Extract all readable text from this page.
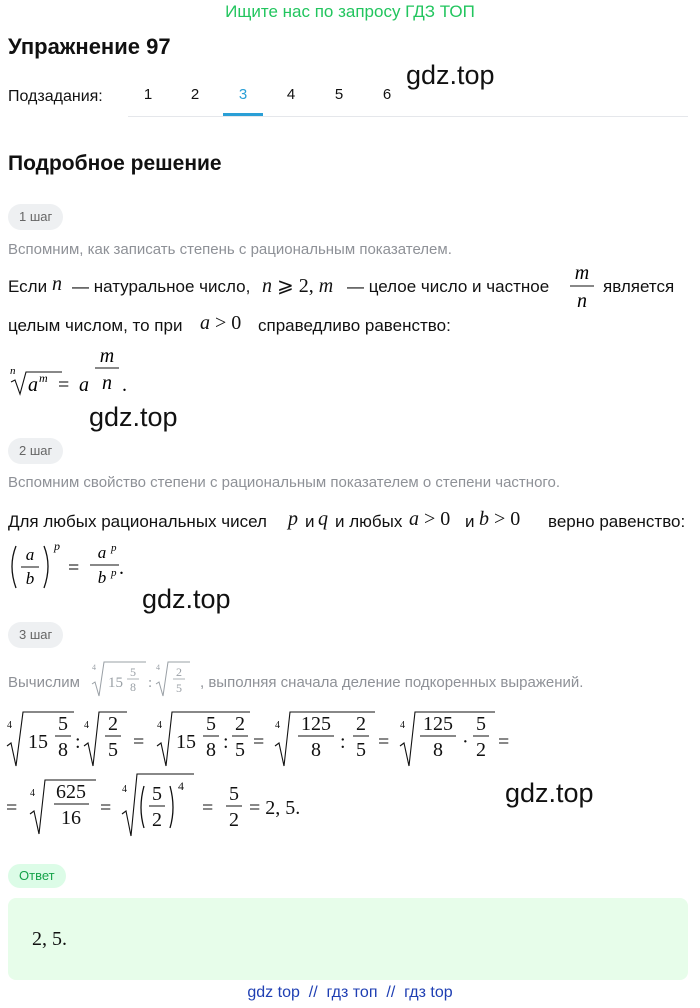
Ищите нас по запросу ГДЗ ТОП
Упражнение 97
gdz.top
Подзадания:	1	2	3	4	5	6
Подробное решение
1 шаг
Вспомним, как записать степень с рациональным показателем.
Если n — натуральное число, n ⩾ 2, m — целое число и частное
m
n
является
целым числом, то при a > 0 справедливо равенство:
n
a m = a
m
n .
gdz.top
2 шаг
Вспомним свойство степени с рациональным показателем о степени частного.
Для любых рациональных чисел p и q и любых a > 0 и b > 0 верно равенство:
a
b
p
=
a p
b p .
gdz.top
3 шаг
Вычислим
4
15
5
8 :
4 2
5 , выполняя сначала деление подкоренных выражений.
4
15
5
8 :
4 2
5 =
4
15
5
8 :
2
5 =
4 125
8 :
2
5 =
4 125
8 ·
5
2 =
=
4 625
16 =
4 5
2
4
=
5
2
= 2, 5.	gdz.top
Ответ
2, 5.
gdz top  //  гдз топ  //  гдз top
